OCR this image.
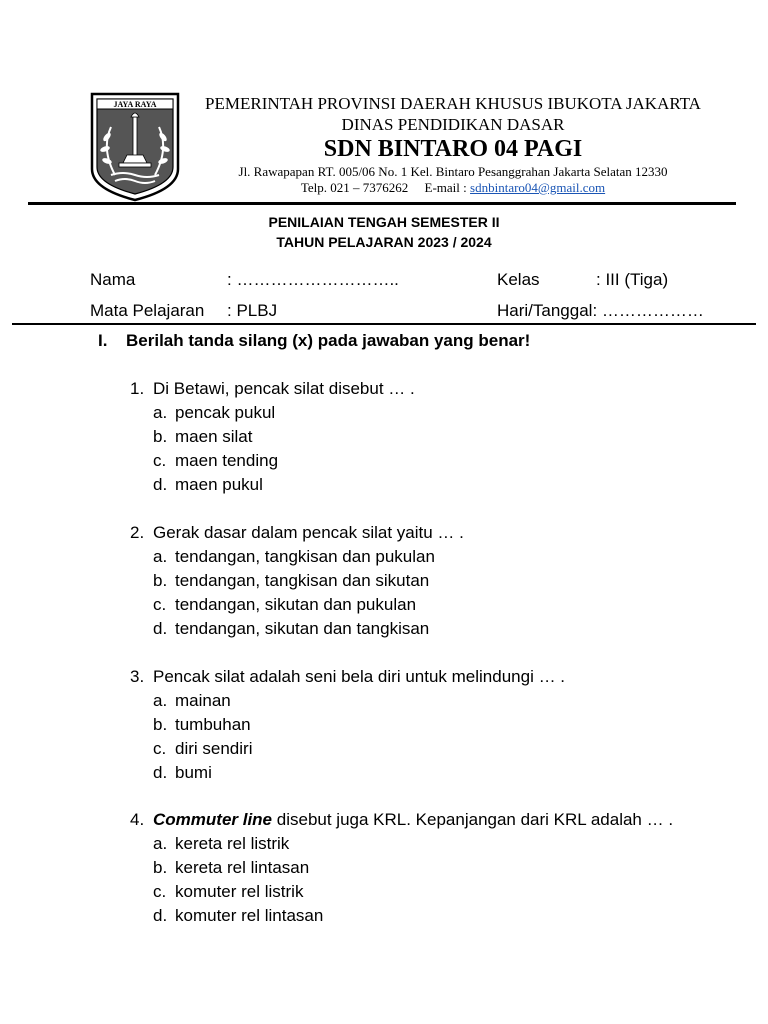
JAYA RAYA	PEMERINTAH PROVINSI DAERAH KHUSUS IBUKOTA JAKARTA
DINAS PENDIDIKAN DASAR
SDN BINTARO 04 PAGI
Jl. Rawapapan RT. 005/06 No. 1 Kel. Bintaro Pesanggrahan Jakarta Selatan 12330
Telp. 021 – 7376262 E-mail : sdnbintaro04@gmail.com
PENILAIAN TENGAH SEMESTER II
TAHUN PELAJARAN 2023 / 2024
Nama	: ………………………..	Kelas	: III (Tiga)
Mata Pelajaran : PLBJ	Hari/Tanggal: ………………
I. Berilah tanda silang (x) pada jawaban yang benar!
1. Di Betawi, pencak silat disebut … .
a. pencak pukul
b. maen silat
c. maen tending
d. maen pukul
2. Gerak dasar dalam pencak silat yaitu … .
a. tendangan, tangkisan dan pukulan
b. tendangan, tangkisan dan sikutan
c. tendangan, sikutan dan pukulan
d. tendangan, sikutan dan tangkisan
3. Pencak silat adalah seni bela diri untuk melindungi … .
a. mainan
b. tumbuhan
c. diri sendiri
d. bumi
4. Commuter line disebut juga KRL. Kepanjangan dari KRL adalah … .
a. kereta rel listrik
b. kereta rel lintasan
c. komuter rel listrik
d. komuter rel lintasan
